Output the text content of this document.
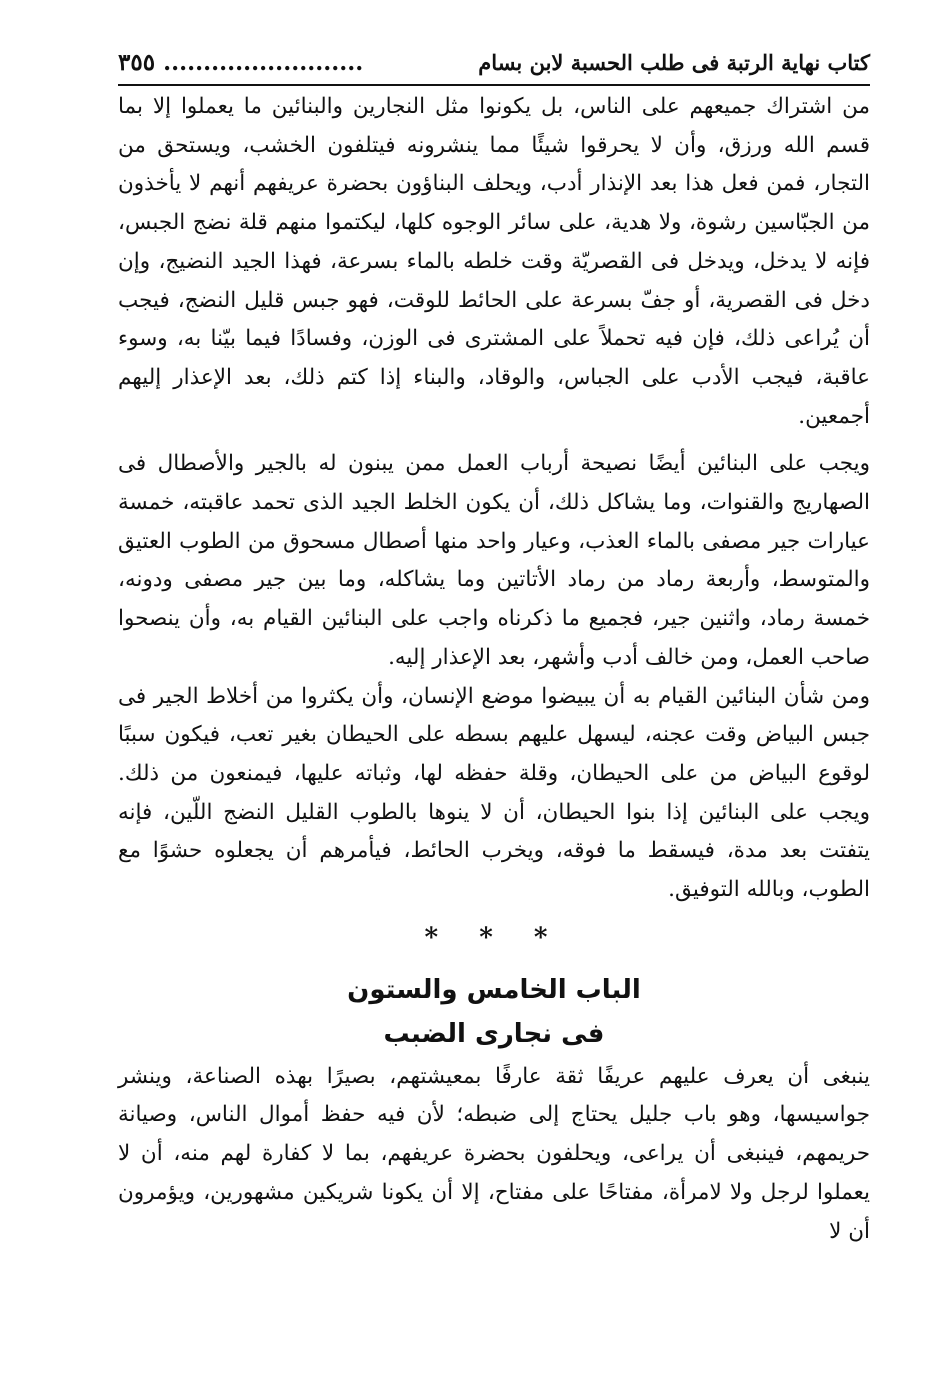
كتاب نهاية الرتبة فى طلب الحسبة لابن بسام
......................... ٣٥٥

من اشتراك جميعهم على الناس، بل يكونوا مثل النجارين والبنائين ما يعملوا إلا بما قسم الله ورزق، وأن لا يحرقوا شيئًا مما ينشرونه فيتلفون الخشب، ويستحق من التجار، فمن فعل هذا بعد الإنذار أدب، ويحلف البناؤون بحضرة عريفهم أنهم لا يأخذون من الجبّاسين رشوة، ولا هدية، على سائر الوجوه كلها، ليكتموا منهم قلة نضج الجبس، فإنه لا يدخل، ويدخل فى القصريّة وقت خلطه بالماء بسرعة، فهذا الجيد النضيج، وإن دخل فى القصرية، أو جفّ بسرعة على الحائط للوقت، فهو جبس قليل النضج، فيجب أن يُراعى ذلك، فإن فيه تحملاً على المشترى فى الوزن، وفسادًا فيما بيّنا به، وسوء عاقبة، فيجب الأدب على الجباس، والوقاد، والبناء إذا كتم ذلك، بعد الإعذار إليهم أجمعين.

ويجب على البنائين أيضًا نصيحة أرباب العمل ممن يبنون له بالجير والأصطال فى الصهاريج والقنوات، وما يشاكل ذلك، أن يكون الخلط الجيد الذى تحمد عاقبته، خمسة عيارات جير مصفى بالماء العذب، وعيار واحد منها أصطال مسحوق من الطوب العتيق والمتوسط، وأربعة رماد من رماد الأتاتين وما يشاكله، وما بين جير مصفى ودونه، خمسة رماد، واثنين جير، فجميع ما ذكرناه واجب على البنائين القيام به، وأن ينصحوا صاحب العمل، ومن خالف أدب وأشهر، بعد الإعذار إليه.

ومن شأن البنائين القيام به أن يبيضوا موضع الإنسان، وأن يكثروا من أخلاط الجير فى جبس البياض وقت عجنه، ليسهل عليهم بسطه على الحيطان بغير تعب، فيكون سببًا لوقوع البياض من على الحيطان، وقلة حفظه لها، وثباته عليها، فيمنعون من ذلك. ويجب على البنائين إذا بنوا الحيطان، أن لا ينوها بالطوب القليل النضج اللّين، فإنه يتفتت بعد مدة، فيسقط ما فوقه، ويخرب الحائط، فيأمرهم أن يجعلوه حشوًا مع الطوب، وبالله التوفيق.

* * *
الباب الخامس والستون
فى نجارى الضبب

ينبغى أن يعرف عليهم عريفًا ثقة عارفًا بمعيشتهم، بصيرًا بهذه الصناعة، وينشر جواسيسها، وهو باب جليل يحتاج إلى ضبطه؛ لأن فيه حفظ أموال الناس، وصيانة حريمهم، فينبغى أن يراعى، ويحلفون بحضرة عريفهم، بما لا كفارة لهم منه، أن لا يعملوا لرجل ولا لامرأة، مفتاحًا على مفتاح، إلا أن يكونا شريكين مشهورين، ويؤمرون أن لا
